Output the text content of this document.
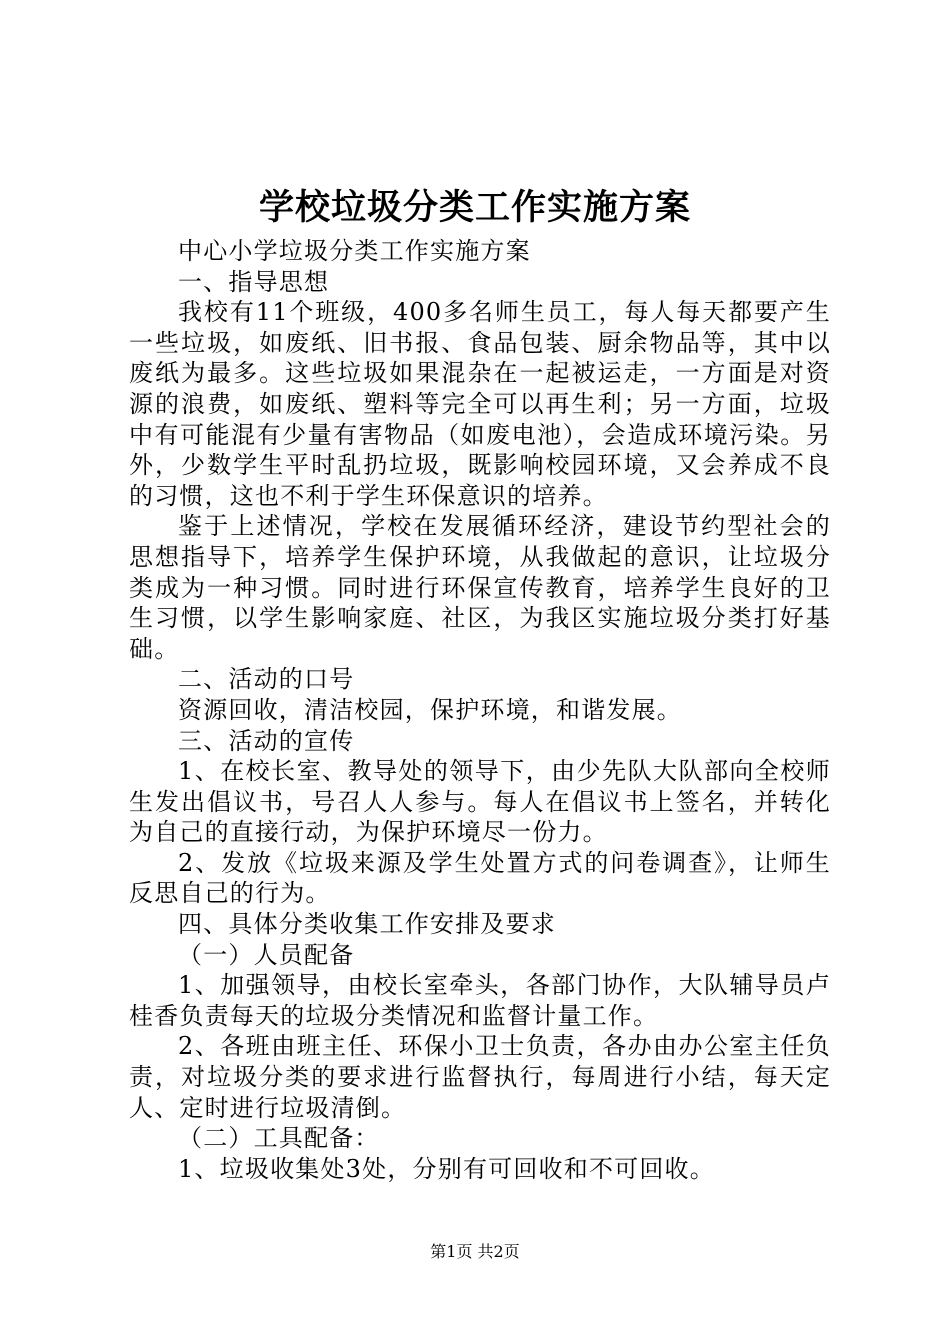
学校垃圾分类工作实施方案

中心小学垃圾分类工作实施方案

一、指导思想

我校有11个班级，400多名师生员工，每人每天都要产生一些垃圾，如废纸、旧书报、食品包装、厨余物品等，其中以废纸为最多。这些垃圾如果混杂在一起被运走，一方面是对资源的浪费，如废纸、塑料等完全可以再生利；另一方面，垃圾中有可能混有少量有害物品（如废电池），会造成环境污染。另外，少数学生平时乱扔垃圾，既影响校园环境，又会养成不良的习惯，这也不利于学生环保意识的培养。

鉴于上述情况，学校在发展循环经济，建设节约型社会的思想指导下，培养学生保护环境，从我做起的意识，让垃圾分类成为一种习惯。同时进行环保宣传教育，培养学生良好的卫生习惯，以学生影响家庭、社区，为我区实施垃圾分类打好基础。

二、活动的口号

资源回收，清洁校园，保护环境，和谐发展。

三、活动的宣传

1、在校长室、教导处的领导下，由少先队大队部向全校师生发出倡议书，号召人人参与。每人在倡议书上签名，并转化为自己的直接行动，为保护环境尽一份力。

2、发放《垃圾来源及学生处置方式的问卷调查》，让师生反思自己的行为。

四、具体分类收集工作安排及要求

（一）人员配备

1、加强领导，由校长室牵头，各部门协作，大队辅导员卢桂香负责每天的垃圾分类情况和监督计量工作。

2、各班由班主任、环保小卫士负责，各办由办公室主任负责，对垃圾分类的要求进行监督执行，每周进行小结，每天定人、定时进行垃圾清倒。

（二）工具配备：

1、垃圾收集处3处，分别有可回收和不可回收。

第1页 共2页
